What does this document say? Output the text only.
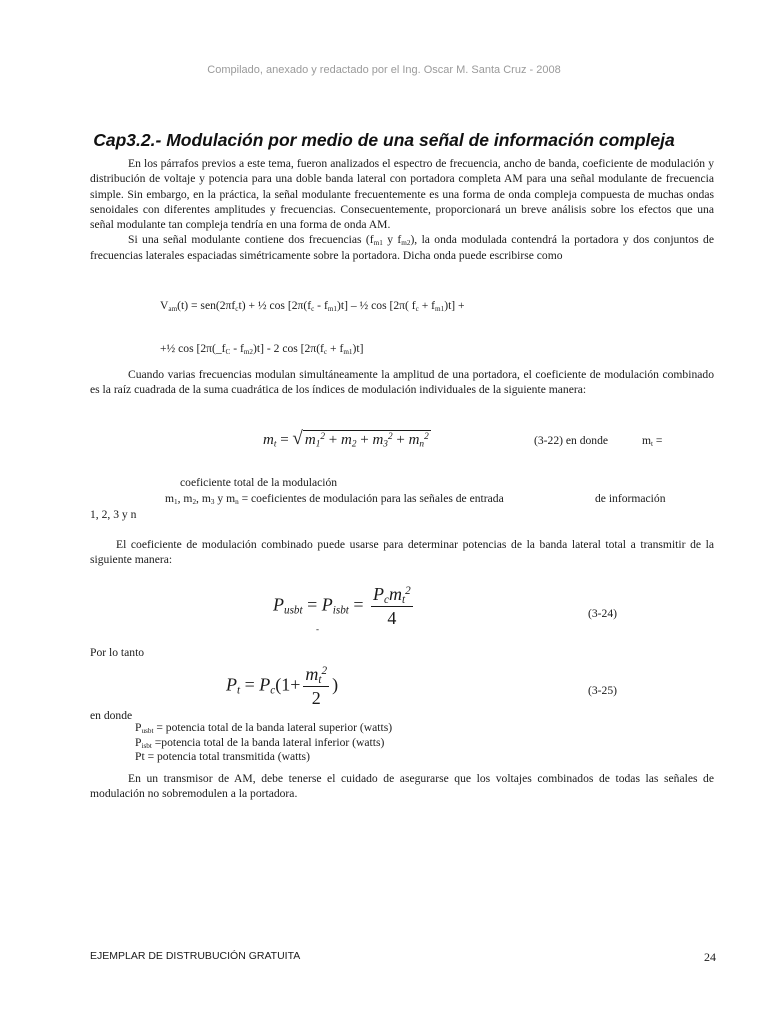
Compilado, anexado y redactado por el Ing. Oscar M. Santa Cruz - 2008
Cap3.2.- Modulación por medio de una señal de información compleja

En los párrafos previos a este tema, fueron analizados el espectro de frecuencia, ancho de banda, coeficiente de modulación y distribución de voltaje y potencia para una doble banda lateral con portadora completa AM para una señal modulante de frecuencia simple. Sin embargo, en la práctica, la señal modulante frecuentemente es una forma de onda compleja compuesta de muchas ondas senoidales con diferentes amplitudes y frecuencias. Consecuentemente, proporcionará un breve análisis sobre los efectos que una señal modulante tan compleja tendría en una forma de onda AM.

Si una señal modulante contiene dos frecuencias ($f_{m1}$ y $f_{m2}$), la onda modulada contendrá la portadora y dos conjuntos de frecuencias laterales espaciadas simétricamente sobre la portadora. Dicha onda puede escribirse como

$V_{am}(t) = sen(2\pi f_ct)$ + ½ $\cos [2\pi(f_c - f_{m1})t]$ – ½ cos [2π( $f_c + f_{m1})t$] +
+½ $\cos [2\pi(\_f_C - f_{m2})t] - 2$ $\cos [2\pi(f_c + f_{m1})t]$

Cuando varias frecuencias modulan simultáneamente la amplitud de una portadora, el coeficiente de modulación combinado es la raíz cuadrada de la suma cuadrática de los índices de modulación individuales de la siguiente manera:

$m_t$ = √ $m_1^2 + m_2 + m_3^2 + m_n^2$	(3-22) en donde	$m_t$ =
coeficiente total de la modulación
$m_1$, $m_2$, $m_3$ y $m_n$ = coeficientes de modulación para las señales de entrada	de información
1, 2, 3 y n

El coeficiente de modulación combinado puede usarse para determinar potencias de la banda lateral total a transmitir de la siguiente manera:

$P_{usbt} = P_{isbt} = \frac{P_cm_t^2}{4}$
-
(3-24)
Por lo tanto
$P_t = P_c(1+ \frac{m_t^2}{2}$ )	(3-25)
en donde
$P_{usbt}$ = potencia total de la banda lateral superior (watts)
$P_{isbt}$ =potencia total de la banda lateral inferior (watts)
Pt = potencia total transmitida (watts)

En un transmisor de AM, debe tenerse el cuidado de asegurarse que los voltajes combinados de todas las señales de modulación no sobremodulen a la portadora.

EJEMPLAR DE DISTRUBUCIÓN GRATUITA	24
